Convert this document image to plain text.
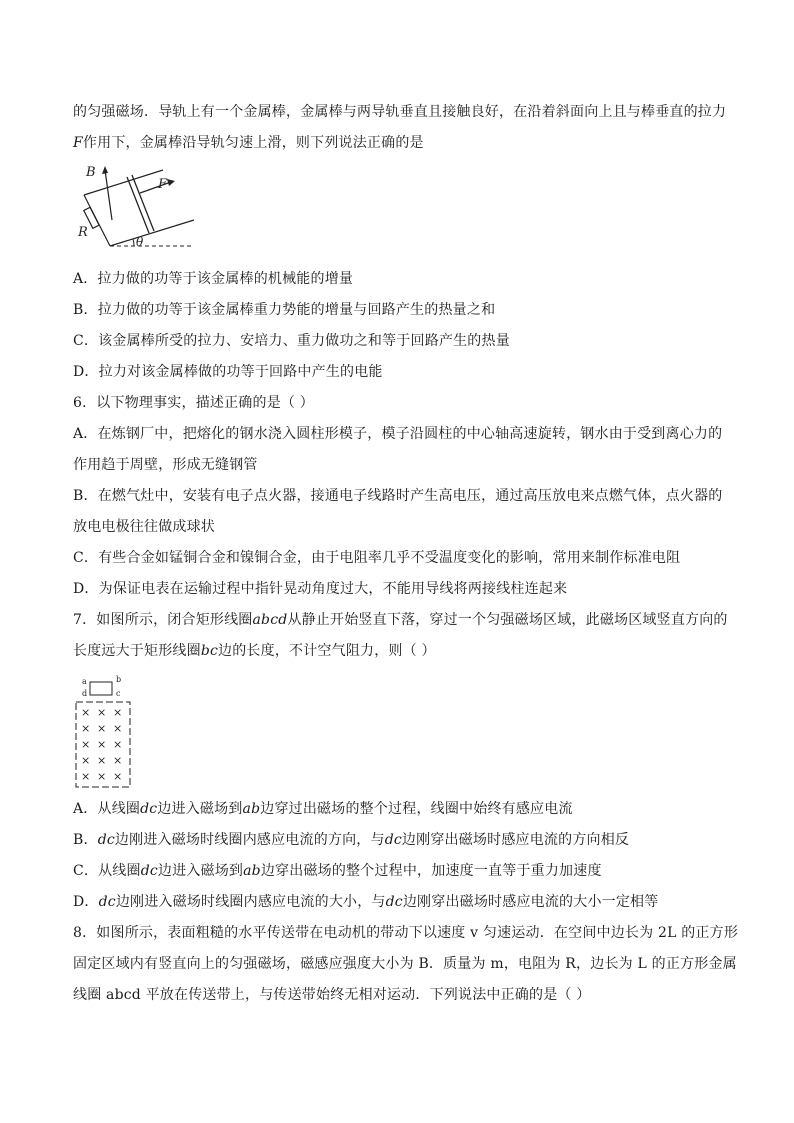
的匀强磁场．导轨上有一个金属棒，金属棒与两导轨垂直且接触良好，在沿着斜面向上且与棒垂直的拉力
F作用下，金属棒沿导轨匀速上滑，则下列说法正确的是
B
F
R
θ
A．拉力做的功等于该金属棒的机械能的增量
B．拉力做的功等于该金属棒重力势能的增量与回路产生的热量之和
C．该金属棒所受的拉力、安培力、重力做功之和等于回路产生的热量
D．拉力对该金属棒做的功等于回路中产生的电能
6．以下物理事实，描述正确的是（ ）
A．在炼钢厂中，把熔化的钢水浇入圆柱形模子，模子沿圆柱的中心轴高速旋转，钢水由于受到离心力的
作用趋于周壁，形成无缝钢管
B．在燃气灶中，安装有电子点火器，接通电子线路时产生高电压，通过高压放电来点燃气体，点火器的
放电电极往往做成球状
C．有些合金如锰铜合金和镍铜合金，由于电阻率几乎不受温度变化的影响，常用来制作标准电阻
D．为保证电表在运输过程中指针晃动角度过大，不能用导线将两接线柱连起来
7．如图所示，闭合矩形线圈abcd从静止开始竖直下落，穿过一个匀强磁场区域，此磁场区域竖直方向的
长度远大于矩形线圈bc边的长度，不计空气阻力，则（ ）
a	b
c
d
× × ×
× × ×
× × ×
× × ×
× × ×
A．从线圈dc边进入磁场到ab边穿过出磁场的整个过程，线圈中始终有感应电流
B．dc边刚进入磁场时线圈内感应电流的方向，与dc边刚穿出磁场时感应电流的方向相反
C．从线圈dc边进入磁场到ab边穿出磁场的整个过程中，加速度一直等于重力加速度
D．dc边刚进入磁场时线圈内感应电流的大小，与dc边刚穿出磁场时感应电流的大小一定相等
8．如图所示，表面粗糙的水平传送带在电动机的带动下以速度 v 匀速运动．在空间中边长为 2L 的正方形
固定区域内有竖直向上的匀强磁场，磁感应强度大小为 B．质量为 m，电阻为 R，边长为 L 的正方形金属
线圈 abcd 平放在传送带上，与传送带始终无相对运动．下列说法中正确的是（ ）
